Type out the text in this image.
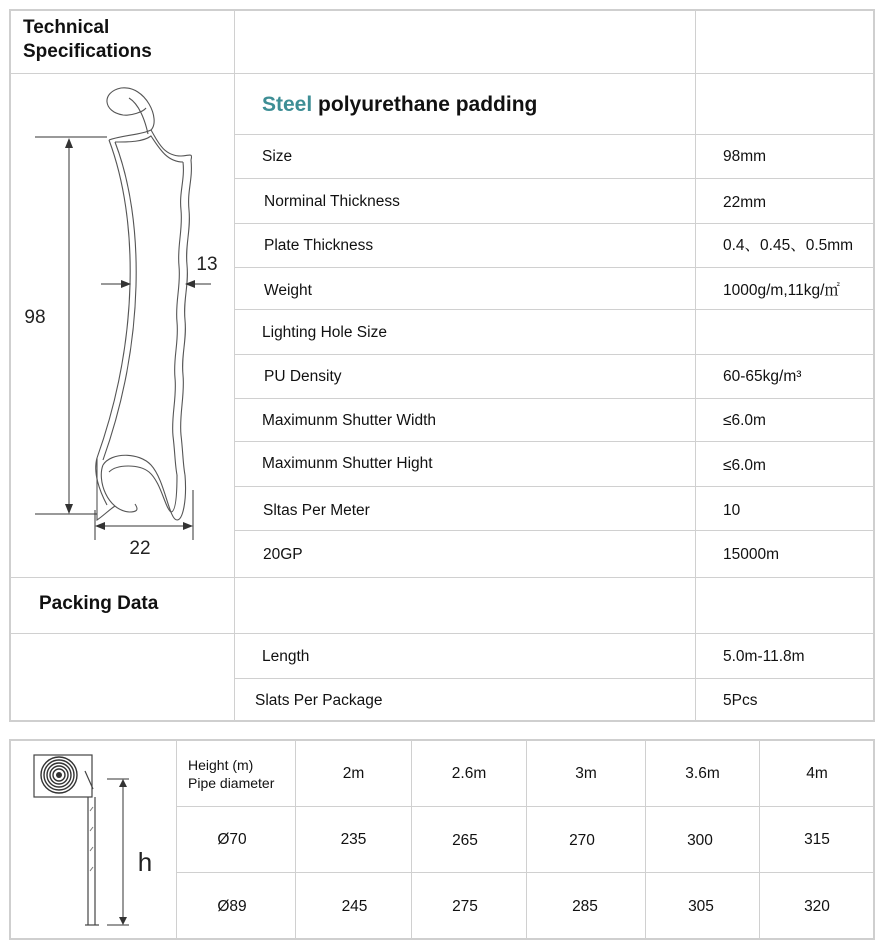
Technical
Specifications
Steel polyurethane padding
Size	98mm
Norminal Thickness	22mm
Plate Thickness	0.4、0.45、0.5mm
Weight	1000g/m,11kg/㎡
Lighting Hole Size
PU Density	60-65kg/m³
Maximunm Shutter Width	≤6.0m
Maximunm Shutter Hight	≤6.0m
Sltas Per Meter	10
20GP	15000m
Packing Data
Length	5.0m-11.8m
Slats Per Package	5Pcs
98
13
22
h
Height (m)
Pipe diameter
2m	2.6m	3m	3.6m	4m
Ø70	235	265	270	300	315
Ø89	245	275	285	305	320
